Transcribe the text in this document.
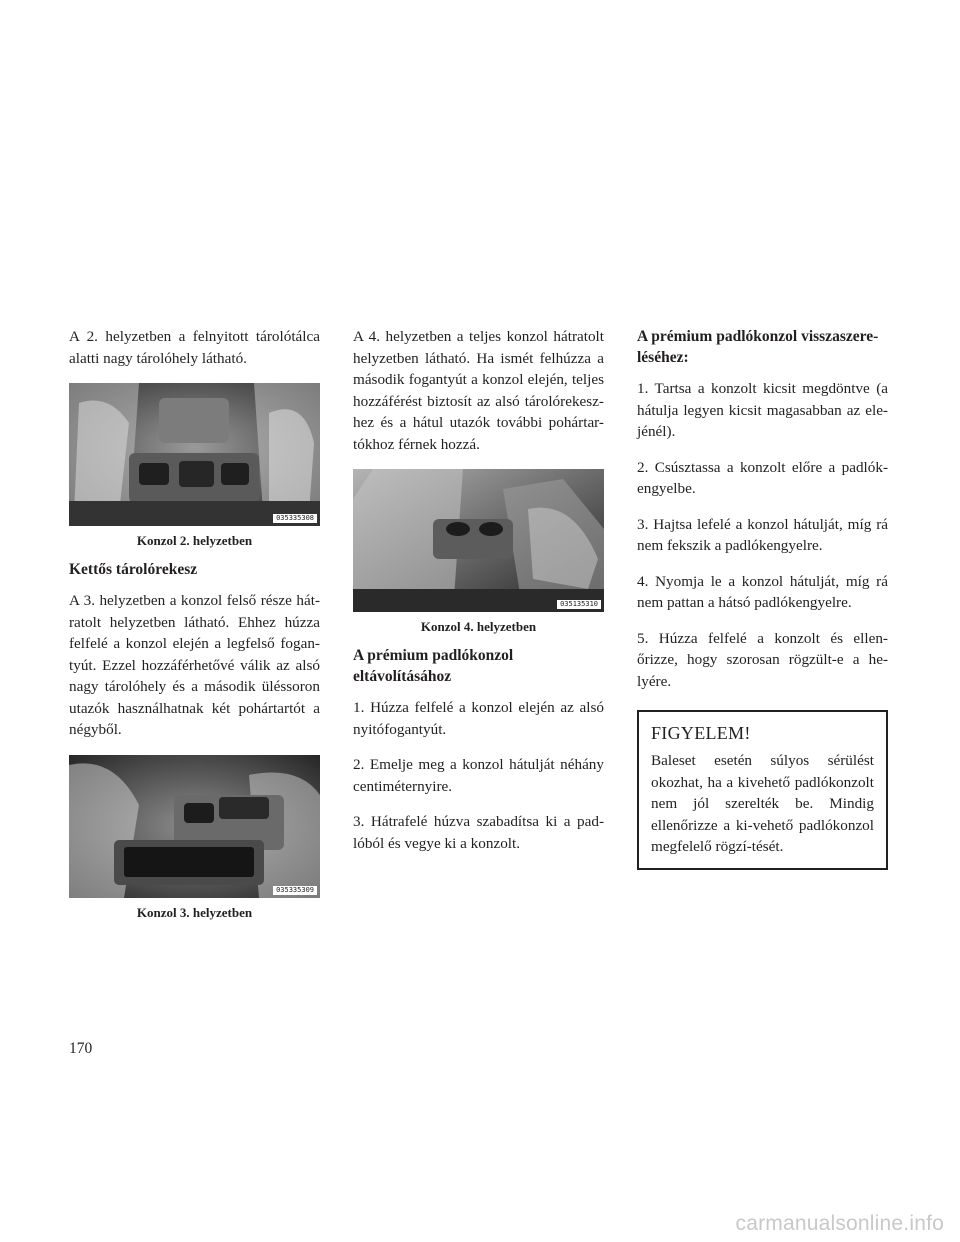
A 2. helyzetben a felnyitott tárolótálca alatti nagy tárolóhely látható.

035335308
Konzol 2. helyzetben
Kettős tárolórekesz

A 3. helyzetben a konzol felső része hát-ratolt helyzetben látható. Ehhez húzza felfelé a konzol elején a legfelső fogan-tyút. Ezzel hozzáférhetővé válik az alsó nagy tárolóhely és a második üléssoron utazók használhatnak két pohártartót a négyből.

035335309
Konzol 3. helyzetben

A 4. helyzetben a teljes konzol hátratolt helyzetben látható. Ha ismét felhúzza a második fogantyút a konzol elején, teljes hozzáférést biztosít az alsó tárolórekesz-hez és a hátul utazók további pohártar-tókhoz férnek hozzá.

035135310
Konzol 4. helyzetben
A prémium padlókonzol
eltávolításához

1. Húzza felfelé a konzol elején az alsó nyitófogantyút.

2. Emelje meg a konzol hátulját néhány centiméternyire.

3. Hátrafelé húzva szabadítsa ki a pad-lóból és vegye ki a konzolt.

A prémium padlókonzol visszaszere-léséhez:

1. Tartsa a konzolt kicsit megdöntve (a hátulja legyen kicsit magasabban az ele-jénél).

2. Csúsztassa a konzolt előre a padlók-engyelbe.

3. Hajtsa lefelé a konzol hátulját, míg rá nem fekszik a padlókengyelre.

4. Nyomja le a konzol hátulját, míg rá nem pattan a hátsó padlókengyelre.

5. Húzza felfelé a konzolt és ellen-őrizze, hogy szorosan rögzült-e a he-lyére.

FIGYELEM!

Baleset esetén súlyos sérülést okozhat, ha a kivehető padlókonzolt nem jól szerelték be. Mindig ellenőrizze a ki-vehető padlókonzol megfelelő rögzí-tését.

170
carmanualsonline.info
